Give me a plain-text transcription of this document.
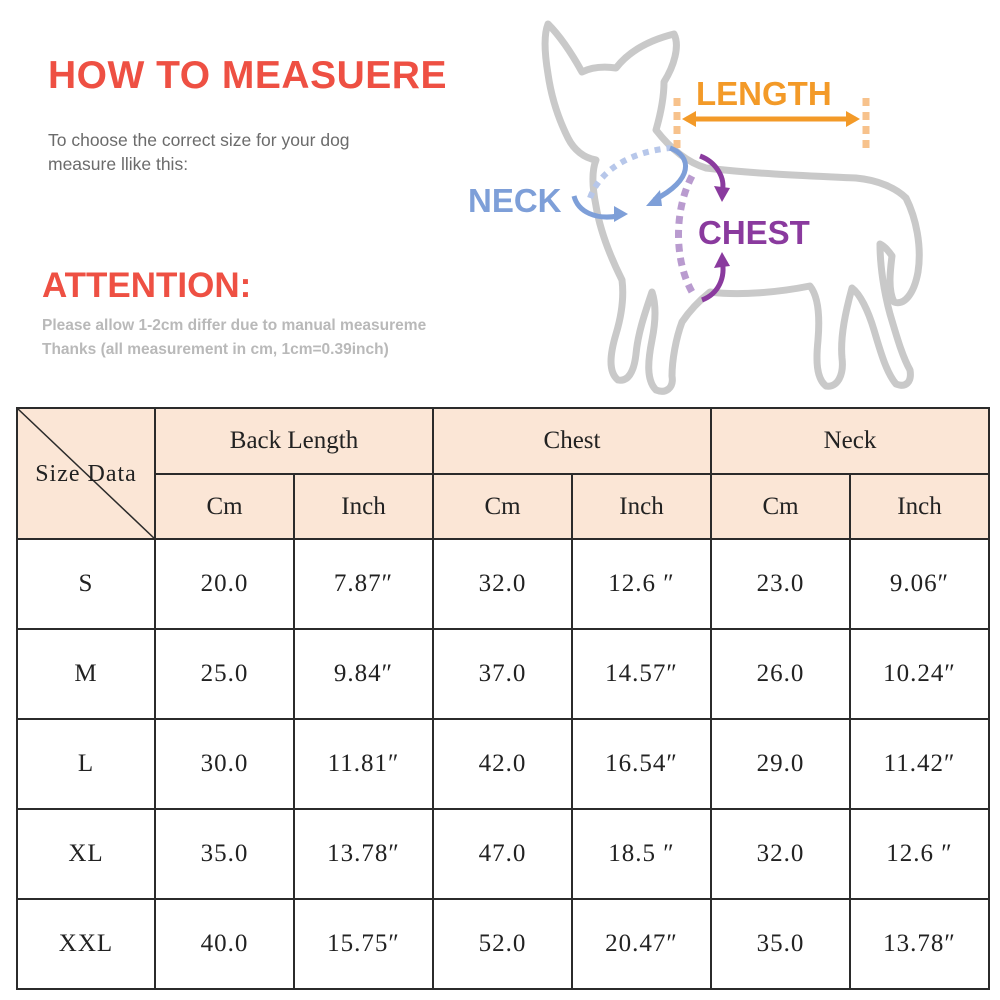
HOW TO MEASUERE

To choose the correct size for your dog measure llike this:

ATTENTION:
Please allow 1-2cm differ due to manual measureme
Thanks (all measurement in cm, 1cm=0.39inch)
LENGTH
NECK
CHEST
Size Data	Back Length		Chest		Neck	
	Cm	Inch	Cm	Inch	Cm	Inch
S	20.0	7.87″	32.0	12.6 ″	23.0	9.06″
M	25.0	9.84″	37.0	14.57″	26.0	10.24″
L	30.0	11.81″	42.0	16.54″	29.0	11.42″
XL	35.0	13.78″	47.0	18.5 ″	32.0	12.6 ″
XXL	40.0	15.75″	52.0	20.47″	35.0	13.78″
